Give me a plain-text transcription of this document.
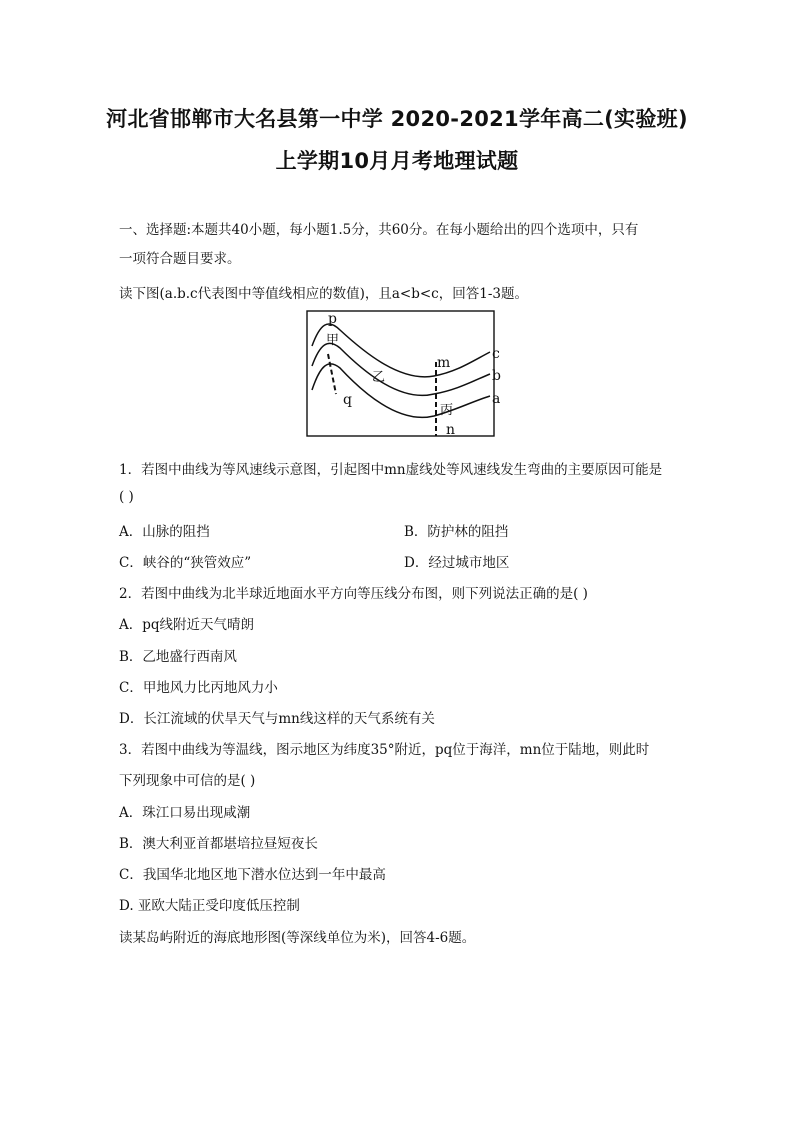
河北省邯郸市大名县第一中学 2020-2021学年高二(实验班)
上学期10月月考地理试题
一、选择题:本题共40小题，每小题1.5分，共60分。在每小题给出的四个选项中，只有
一项符合题目要求。
读下图(a.b.c代表图中等值线相应的数值)，且a<b<c，回答1-3题。
p
q
m
n
c
b
a
甲
乙
丙
1．若图中曲线为等风速线示意图，引起图中mn虚线处等风速线发生弯曲的主要原因可能是
( )
A．山脉的阻挡	B．防护林的阻挡
C．峡谷的“狭管效应”	D．经过城市地区
2．若图中曲线为北半球近地面水平方向等压线分布图，则下列说法正确的是( )
A．pq线附近天气晴朗
B．乙地盛行西南风
C．甲地风力比丙地风力小
D．长江流域的伏旱天气与mn线这样的天气系统有关
3．若图中曲线为等温线，图示地区为纬度35°附近，pq位于海洋，mn位于陆地，则此时
下列现象中可信的是( )
A．珠江口易出现咸潮
B．澳大利亚首都堪培拉昼短夜长
C．我国华北地区地下潜水位达到一年中最高
D. 亚欧大陆正受印度低压控制
读某岛屿附近的海底地形图(等深线单位为米)，回答4-6题。
